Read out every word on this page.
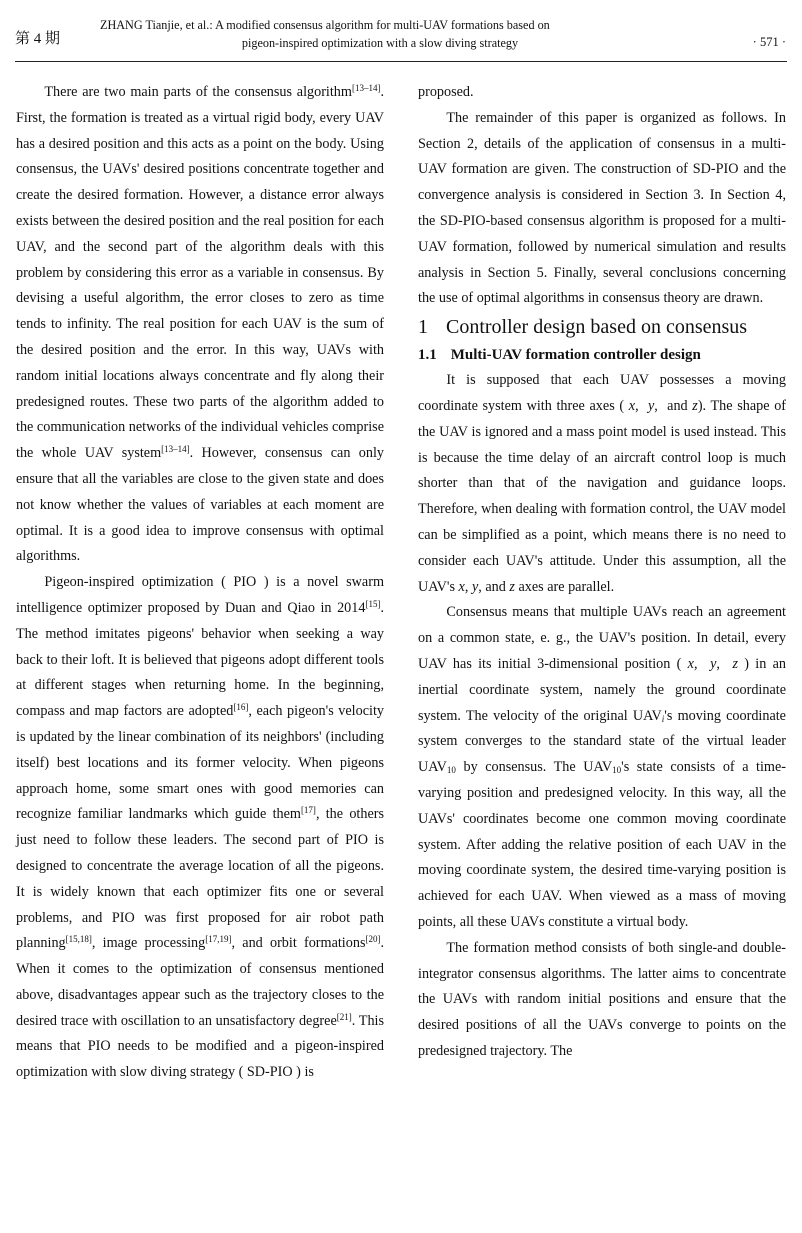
第 4 期
ZHANG Tianjie, et al.: A modified consensus algorithm for multi-UAV formations based on
pigeon-inspired optimization with a slow diving strategy	· 571 ·

There are two main parts of the consensus algorithm[13–14]. First, the formation is treated as a virtual rigid body, every UAV has a desired position and this acts as a point on the body. Using consensus, the UAVs' desired positions concentrate together and create the desired formation. However, a distance error always exists between the desired position and the real position for each UAV, and the second part of the algorithm deals with this problem by considering this error as a variable in consensus. By devising a useful algorithm, the error closes to zero as time tends to infinity. The real position for each UAV is the sum of the desired position and the error. In this way, UAVs with random initial locations always concentrate and fly along their predesigned routes. These two parts of the algorithm added to the communication networks of the individual vehicles comprise the whole UAV system[13–14]. However, consensus can only ensure that all the variables are close to the given state and does not know whether the values of variables at each moment are optimal. It is a good idea to improve consensus with optimal algorithms.

Pigeon-inspired optimization ( PIO ) is a novel swarm intelligence optimizer proposed by Duan and Qiao in 2014[15]. The method imitates pigeons' behavior when seeking a way back to their loft. It is believed that pigeons adopt different tools at different stages when returning home. In the beginning, compass and map factors are adopted[16], each pigeon's velocity is updated by the linear combination of its neighbors' (including itself) best locations and its former velocity. When pigeons approach home, some smart ones with good memories can recognize familiar landmarks which guide them[17], the others just need to follow these leaders. The second part of PIO is designed to concentrate the average location of all the pigeons. It is widely known that each optimizer fits one or several problems, and PIO was first proposed for air robot path planning[15,18], image processing[17,19], and orbit formations[20]. When it comes to the optimization of consensus mentioned above, disadvantages appear such as the trajectory closes to the desired trace with oscillation to an unsatisfactory degree[21]. This means that PIO needs to be modified and a pigeon-inspired optimization with slow diving strategy ( SD-PIO ) is

proposed.

The remainder of this paper is organized as follows. In Section 2, details of the application of consensus in a multi-UAV formation are given. The construction of SD-PIO and the convergence analysis is considered in Section 3. In Section 4, the SD-PIO-based consensus algorithm is proposed for a multi-UAV formation, followed by numerical simulation and results analysis in Section 5. Finally, several conclusions concerning the use of optimal algorithms in consensus theory are drawn.

1 Controller design based on consensus

1.1 Multi-UAV formation controller design

It is supposed that each UAV possesses a moving coordinate system with three axes ( x,  y,  and z). The shape of the UAV is ignored and a mass point model is used instead. This is because the time delay of an aircraft control loop is much shorter than that of the navigation and guidance loops. Therefore, when dealing with formation control, the UAV model can be simplified as a point, which means there is no need to consider each UAV's attitude. Under this assumption, all the UAV's x, y, and z axes are parallel.

Consensus means that multiple UAVs reach an agreement on a common state, e. g., the UAV's position. In detail, every UAV has its initial 3-dimensional position ( x,  y,  z ) in an inertial coordinate system, namely the ground coordinate system. The velocity of the original $UAV_i's$ moving coordinate system converges to the standard state of the virtual leader $UAV_{10}$ by consensus. The $UAV_{10}'s$ state consists of a time-varying position and predesigned velocity. In this way, all the UAVs' coordinates become one common moving coordinate system. After adding the relative position of each UAV in the moving coordinate system, the desired time-varying position is achieved for each UAV. When viewed as a mass of moving points, all these UAVs constitute a virtual body.

The formation method consists of both single-and double-integrator consensus algorithms. The latter aims to concentrate the UAVs with random initial positions and ensure that the desired positions of all the UAVs converge to points on the predesigned trajectory. The
